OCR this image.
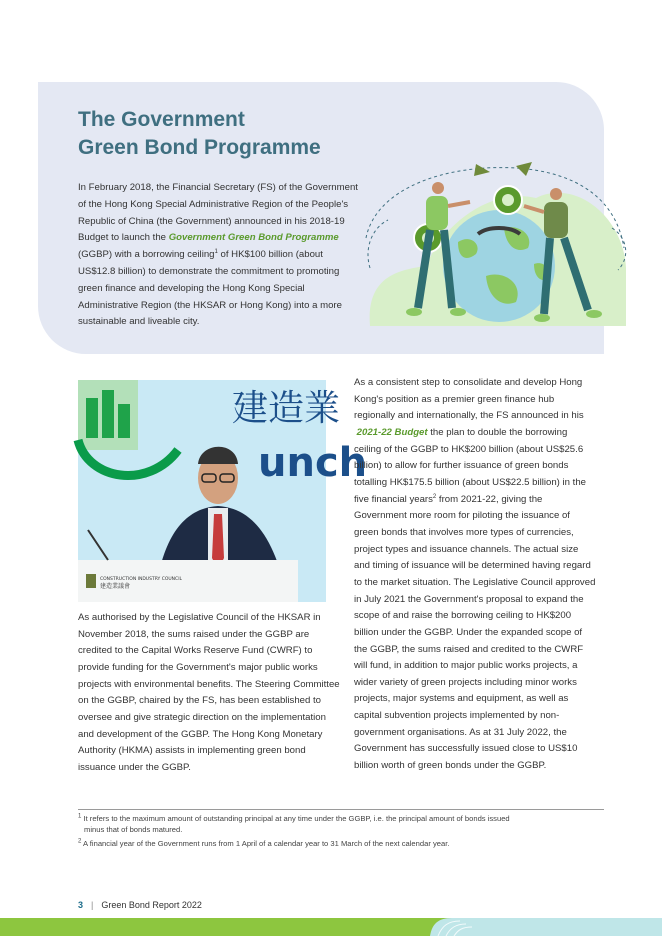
The Government
Green Bond Programme

In February 2018, the Financial Secretary (FS) of the Government of the Hong Kong Special Administrative Region of the People's Republic of China (the Government) announced in his 2018-19 Budget to launch the Government Green Bond Programme (GGBP) with a borrowing ceiling$^1$ of HK$100 billion (about US$12.8 billion) to demonstrate the commitment to promoting green finance and developing the Hong Kong Special Administrative Region (the HKSAR or Hong Kong) into a more sustainable and liveable city.

建造業
unch
CONSTRUCTION INDUSTRY COUNCIL
建造業議會

As authorised by the Legislative Council of the HKSAR in November 2018, the sums raised under the GGBP are credited to the Capital Works Reserve Fund (CWRF) to provide funding for the Government's major public works projects with environmental benefits. The Steering Committee on the GGBP, chaired by the FS, has been established to oversee and give strategic direction on the implementation and development of the GGBP. The Hong Kong Monetary Authority (HKMA) assists in implementing green bond issuance under the GGBP.

As a consistent step to consolidate and develop Hong Kong's position as a premier green finance hub regionally and internationally, the FS announced in his  2021-22 Budget the plan to double the borrowing ceiling of the GGBP to HK$200 billion (about US$25.6 billion) to allow for further issuance of green bonds totalling HK$175.5 billion (about US$22.5 billion) in the five financial years$^2$ from 2021-22, giving the Government more room for piloting the issuance of green bonds that involves more types of currencies, project types and issuance channels. The actual size and timing of issuance will be determined having regard to the market situation. The Legislative Council approved in July 2021 the Government's proposal to expand the scope of and raise the borrowing ceiling to HK$200 billion under the GGBP. Under the expanded scope of the GGBP, the sums raised and credited to the CWRF will fund, in addition to major public works projects, a wider variety of green projects including minor works projects, major systems and equipment, as well as capital subvention projects implemented by non-government organisations. As at 31 July 2022, the Government has successfully issued close to US$10 billion worth of green bonds under the GGBP.

$^1$ It refers to the maximum amount of outstanding principal at any time under the GGBP, i.e. the principal amount of bonds issued
minus that of bonds matured.

$^2$ A financial year of the Government runs from 1 April of a calendar year to 31 March of the next calendar year.

3 | Green Bond Report 2022
